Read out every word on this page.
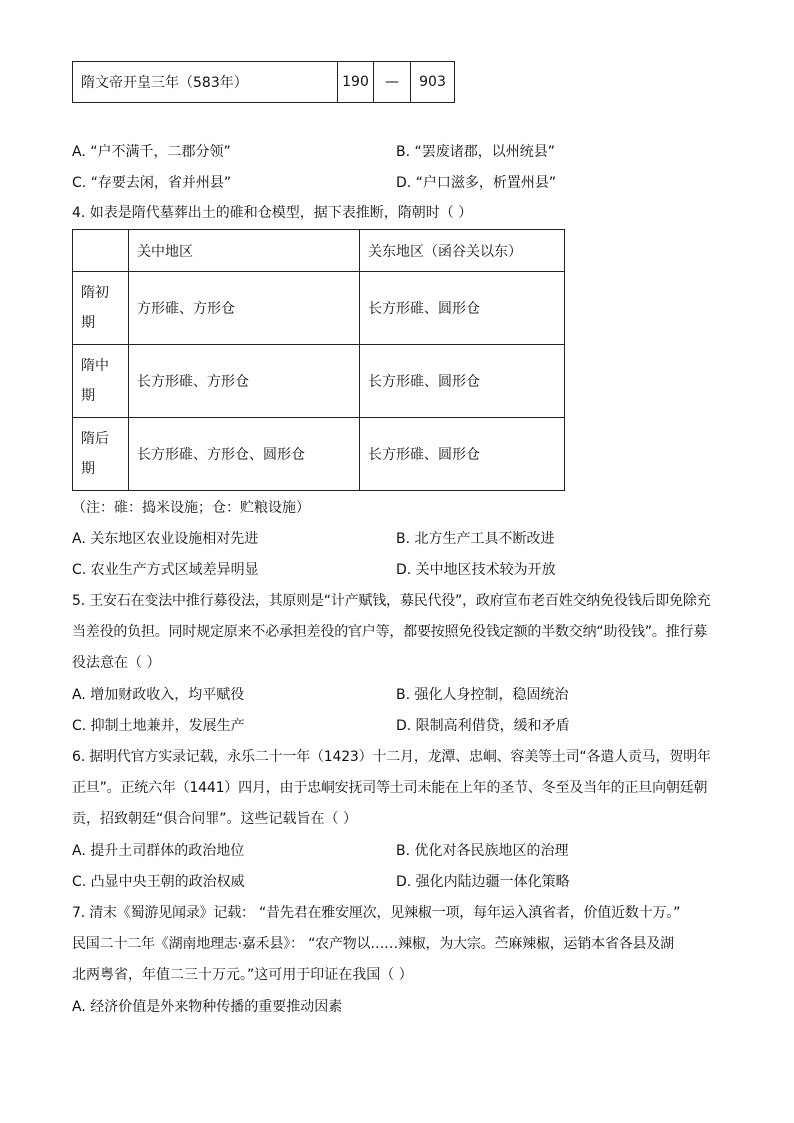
隋文帝开皇三年（583年）	190	—	903
A. “户不满千，二郡分领”	B. “罢废诸郡，以州统县”
C. “存要去闲，省并州县”	D. “户口滋多，析置州县”
4. 如表是隋代墓葬出土的碓和仓模型，据下表推断，隋朝时（ ）
	关中地区	关东地区（函谷关以东）

隋初
期	方形碓、方形仓	长方形碓、圆形仓

隋中
期	长方形碓、方形仓	长方形碓、圆形仓

隋后
期	长方形碓、方形仓、圆形仓	长方形碓、圆形仓
（注：碓：捣米设施；仓：贮粮设施）
A. 关东地区农业设施相对先进	B. 北方生产工具不断改进
C. 农业生产方式区域差异明显	D. 关中地区技术较为开放
5. 王安石在变法中推行募役法，其原则是“计产赋钱，募民代役”，政府宣布老百姓交纳免役钱后即免除充
当差役的负担。同时规定原来不必承担差役的官户等，都要按照免役钱定额的半数交纳“助役钱”。推行募
役法意在（ ）
A. 增加财政收入，均平赋役	B. 强化人身控制，稳固统治
C. 抑制土地兼并，发展生产	D. 限制高利借贷，缓和矛盾
6. 据明代官方实录记载，永乐二十一年（1423）十二月，龙潭、忠峒、容美等土司“各遣人贡马，贺明年
正旦”。正统六年（1441）四月，由于忠峒安抚司等土司未能在上年的圣节、冬至及当年的正旦向朝廷朝
贡，招致朝廷“俱合问罪”。这些记载旨在（ ）
A. 提升土司群体的政治地位	B. 优化对各民族地区的治理
C. 凸显中央王朝的政治权威	D. 强化内陆边疆一体化策略
7. 清末《蜀游见闻录》记载： “昔先君在雅安厘次，见辣椒一项，每年运入滇省者，价值近数十万。”
民国二十二年《湖南地理志·嘉禾县》： “农产物以……辣椒，为大宗。苎麻辣椒，运销本省各县及湖
北两粤省，年值二三十万元。”这可用于印证在我国（ ）
A. 经济价值是外来物种传播的重要推动因素
